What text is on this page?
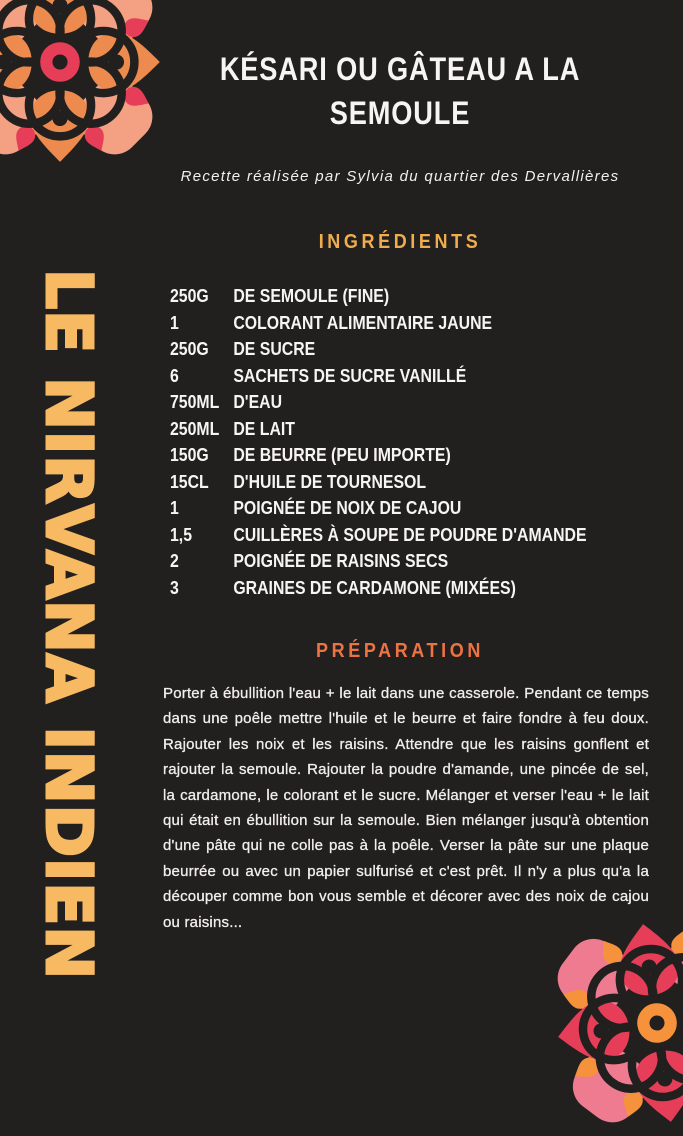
LE NIRVANA INDIEN
KÉSARI OU GÂTEAU A LA
SEMOULE
Recette réalisée par Sylvia du quartier des Dervallières
INGRÉDIENTS
250G	DE SEMOULE (FINE)
1	COLORANT ALIMENTAIRE JAUNE
250G	DE SUCRE
6	SACHETS DE SUCRE VANILLÉ
750ML D'EAU
250ML DE LAIT
150G	DE BEURRE (PEU IMPORTE)
15CL	D'HUILE DE TOURNESOL
1	POIGNÉE DE NOIX DE CAJOU
1,5	CUILLÈRES À SOUPE DE POUDRE D'AMANDE
2	POIGNÉE DE RAISINS SECS
3	GRAINES DE CARDAMONE (MIXÉES)
PRÉPARATION
Porter à ébullition l'eau + le lait dans une casserole. Pendant ce temps dans une poêle mettre l'huile et le beurre et faire fondre à feu doux. Rajouter les noix et les raisins. Attendre que les raisins gonflent et rajouter la semoule. Rajouter la poudre d'amande, une pincée de sel, la cardamone, le colorant et le sucre. Mélanger et verser l'eau + le lait qui était en ébullition sur la semoule. Bien mélanger jusqu'à obtention d'une pâte qui ne colle pas à la poêle. Verser la pâte sur une plaque beurrée ou avec un papier sulfurisé et c'est prêt. Il n'y a plus qu'a la découper comme bon vous semble et décorer avec des noix de cajou ou raisins...
